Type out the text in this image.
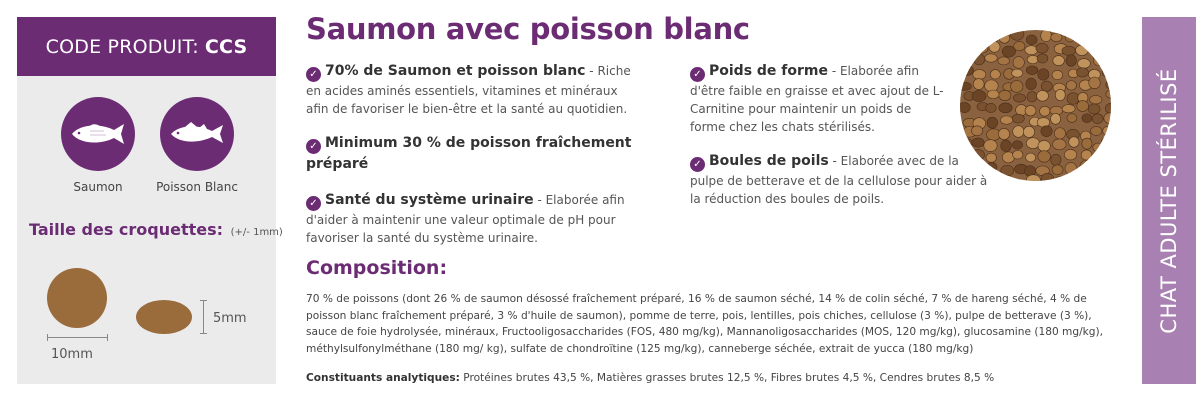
CODE PRODUIT: CCS
Saumon	Poisson Blanc
Taille des croquettes: (+/- 1mm)
10mm
5mm
Saumon avec poisson blanc
✓ 70% de Saumon et poisson blanc - Riche en acides aminés essentiels, vitamines et minéraux afin de favoriser le bien-être et la santé au quotidien.
✓ Minimum 30 % de poisson fraîchement préparé
✓ Santé du système urinaire - Elaborée afin d'aider à maintenir une valeur optimale de pH pour favoriser la santé du système urinaire.
✓ Poids de forme - Elaborée afin d'être faible en graisse et avec ajout de L-Carnitine pour maintenir un poids de forme chez les chats stérilisés.
✓ Boules de poils - Elaborée avec de la pulpe de betterave et de la cellulose pour aider à la réduction des boules de poils.
Composition:
70 % de poissons (dont 26 % de saumon désossé fraîchement préparé, 16 % de saumon séché, 14 % de colin séché, 7 % de hareng séché, 4 % de poisson blanc fraîchement préparé, 3 % d'huile de saumon), pomme de terre, pois, lentilles, pois chiches, cellulose (3 %), pulpe de betterave (3 %), sauce de foie hydrolysée, minéraux, Fructooligosaccharides (FOS, 480 mg/kg), Mannanoligosaccharides (MOS, 120 mg/kg), glucosamine (180 mg/kg), méthylsulfonylméthane (180 mg/ kg), sulfate de chondroïtine (125 mg/kg), canneberge séchée, extrait de yucca (180 mg/kg)
Constituants analytiques: Protéines brutes 43,5 %, Matières grasses brutes 12,5 %, Fibres brutes 4,5 %, Cendres brutes 8,5 %
CHAT ADULTE STÉRILISÉ
